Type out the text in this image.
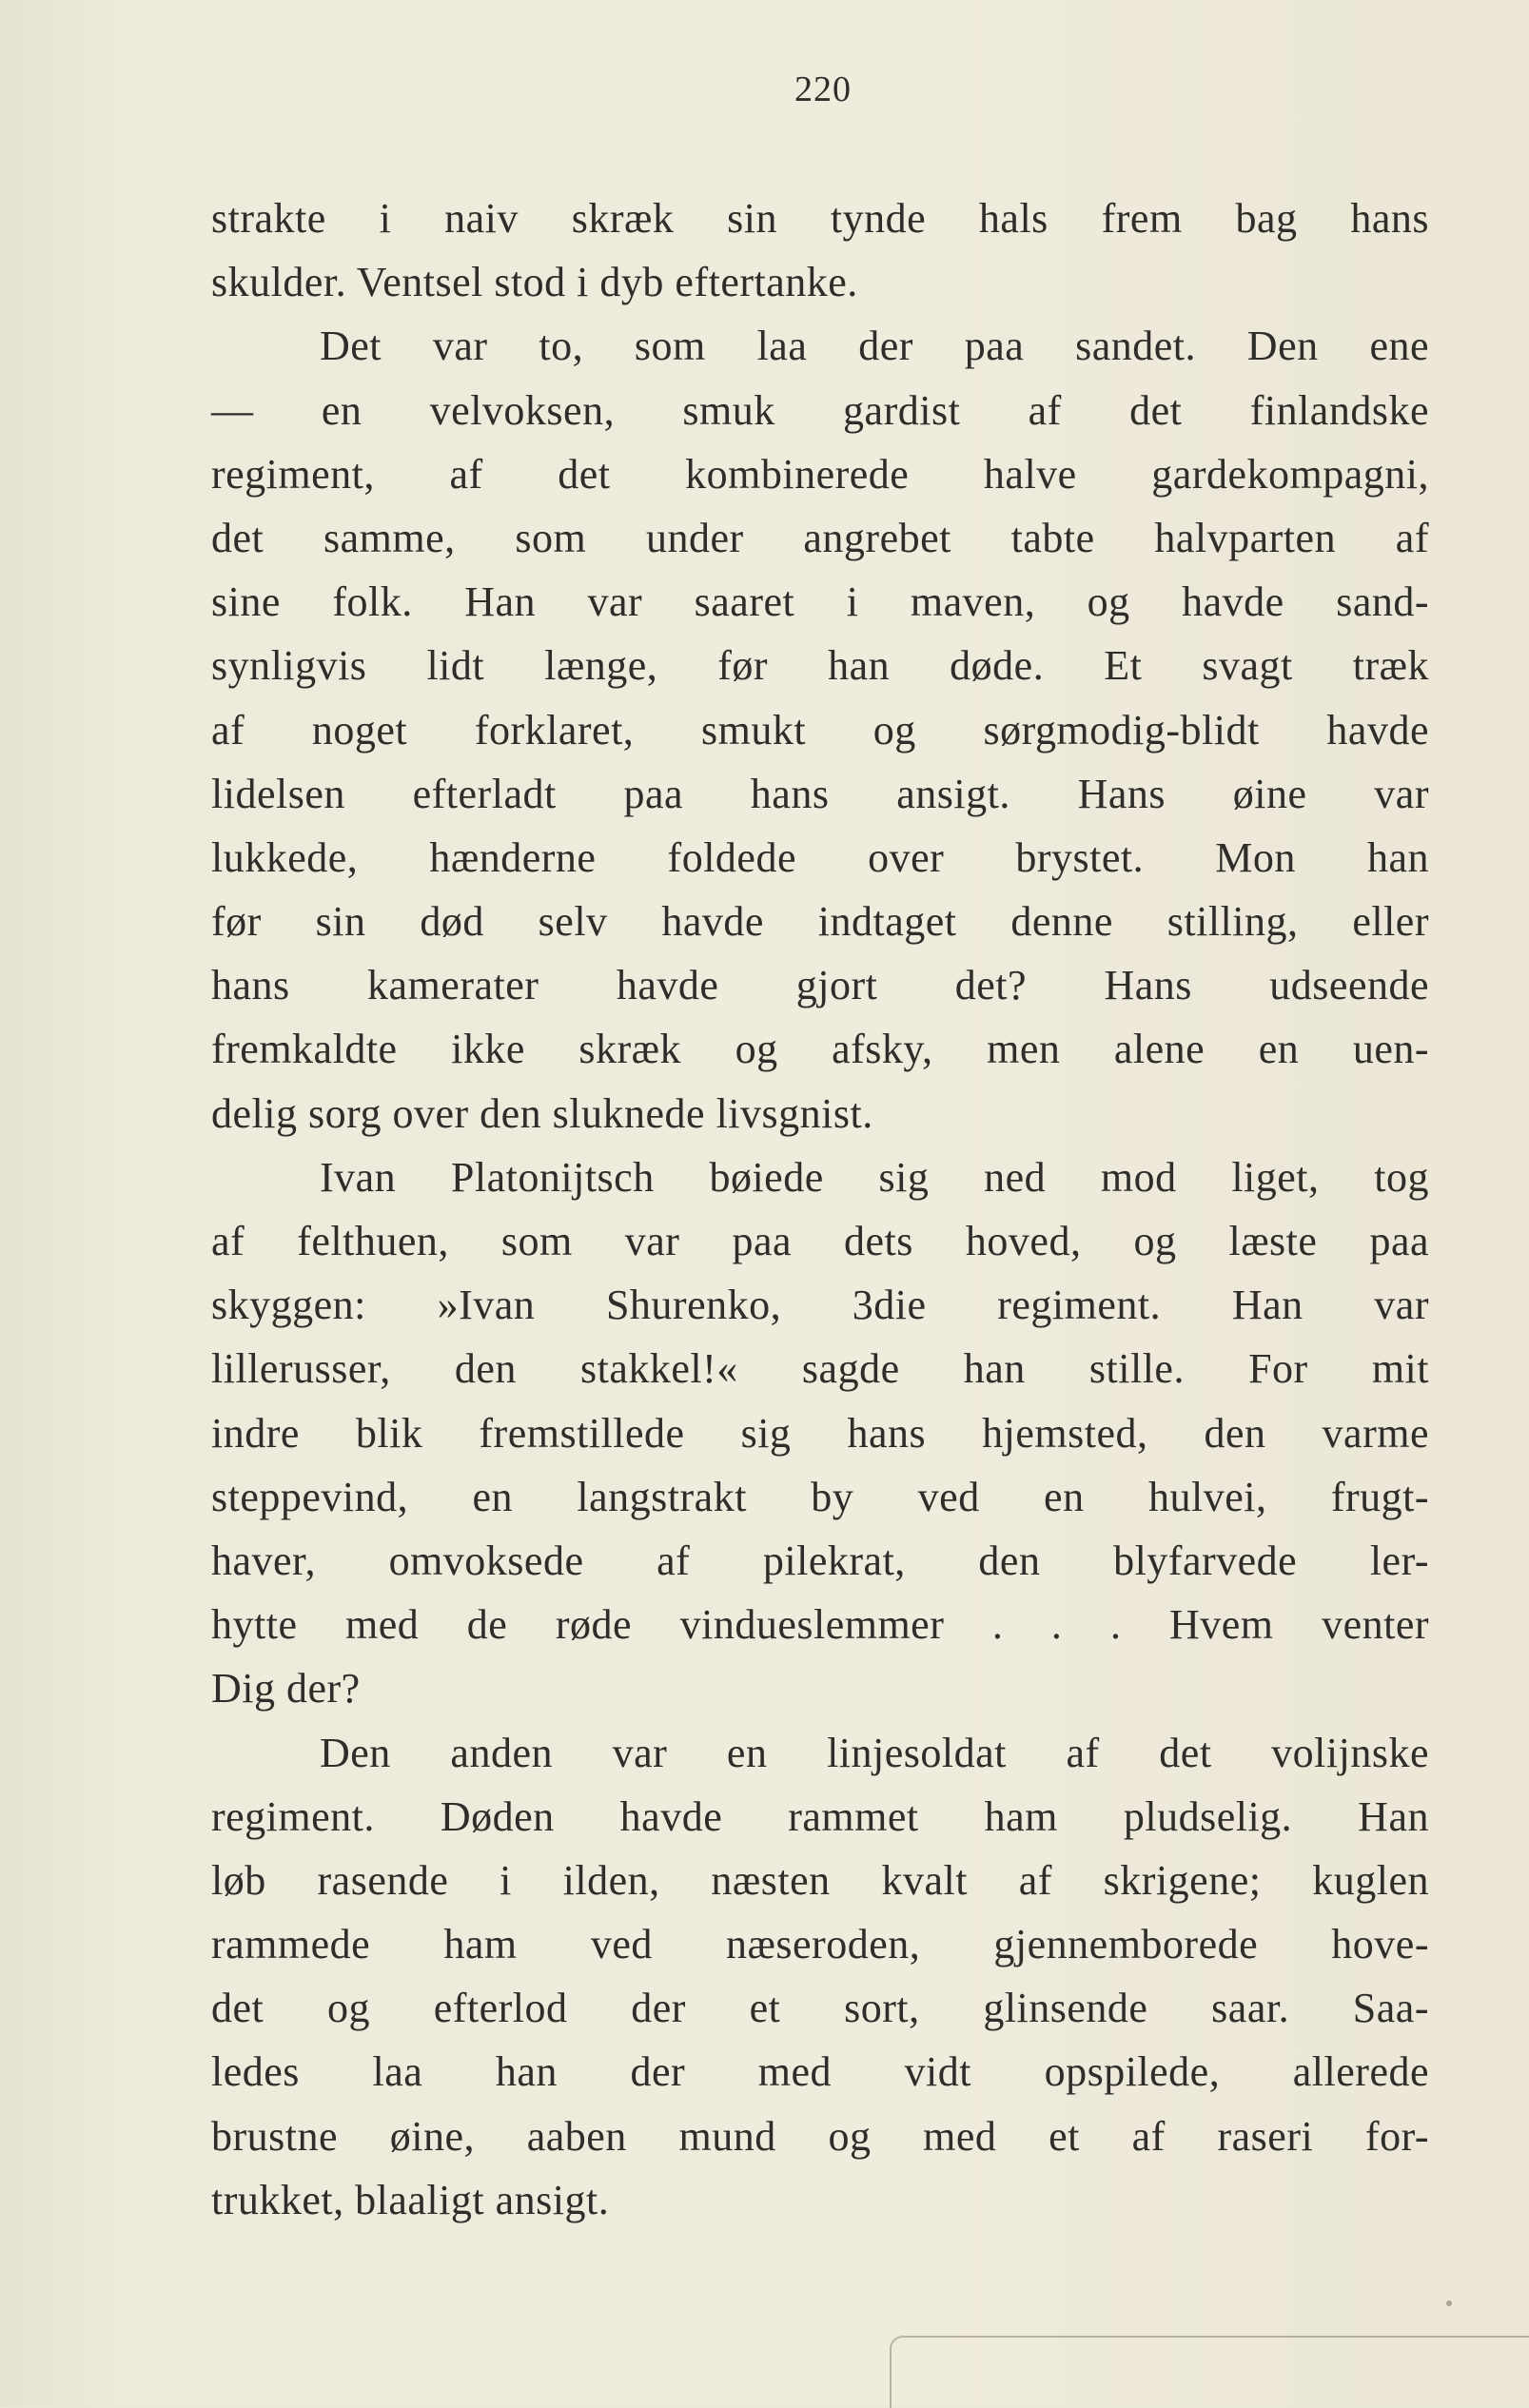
220
strakte i naiv skræk sin tynde hals frem bag hans
skulder. Ventsel stod i dyb eftertanke.
Det var to, som laa der paa sandet. Den ene
— en velvoksen, smuk gardist af det finlandske
regiment, af det kombinerede halve gardekompagni,
det samme, som under angrebet tabte halvparten af
sine folk. Han var saaret i maven, og havde sand-
synligvis lidt længe, før han døde. Et svagt træk
af noget forklaret, smukt og sørgmodig-blidt havde
lidelsen efterladt paa hans ansigt. Hans øine var
lukkede, hænderne foldede over brystet. Mon han
før sin død selv havde indtaget denne stilling, eller
hans kamerater havde gjort det? Hans udseende
fremkaldte ikke skræk og afsky, men alene en uen-
delig sorg over den sluknede livsgnist.
Ivan Platonijtsch bøiede sig ned mod liget, tog
af felthuen, som var paa dets hoved, og læste paa
skyggen: »Ivan Shurenko, 3die regiment. Han var
lillerusser, den stakkel!« sagde han stille. For mit
indre blik fremstillede sig hans hjemsted, den varme
steppevind, en langstrakt by ved en hulvei, frugt-
haver, omvoksede af pilekrat, den blyfarvede ler-
hytte med de røde vindueslemmer . . . Hvem venter
Dig der?
Den anden var en linjesoldat af det volijnske
regiment. Døden havde rammet ham pludselig. Han
løb rasende i ilden, næsten kvalt af skrigene; kuglen
rammede ham ved næseroden, gjennemborede hove-
det og efterlod der et sort, glinsende saar. Saa-
ledes laa han der med vidt opspilede, allerede
brustne øine, aaben mund og med et af raseri for-
trukket, blaaligt ansigt.
